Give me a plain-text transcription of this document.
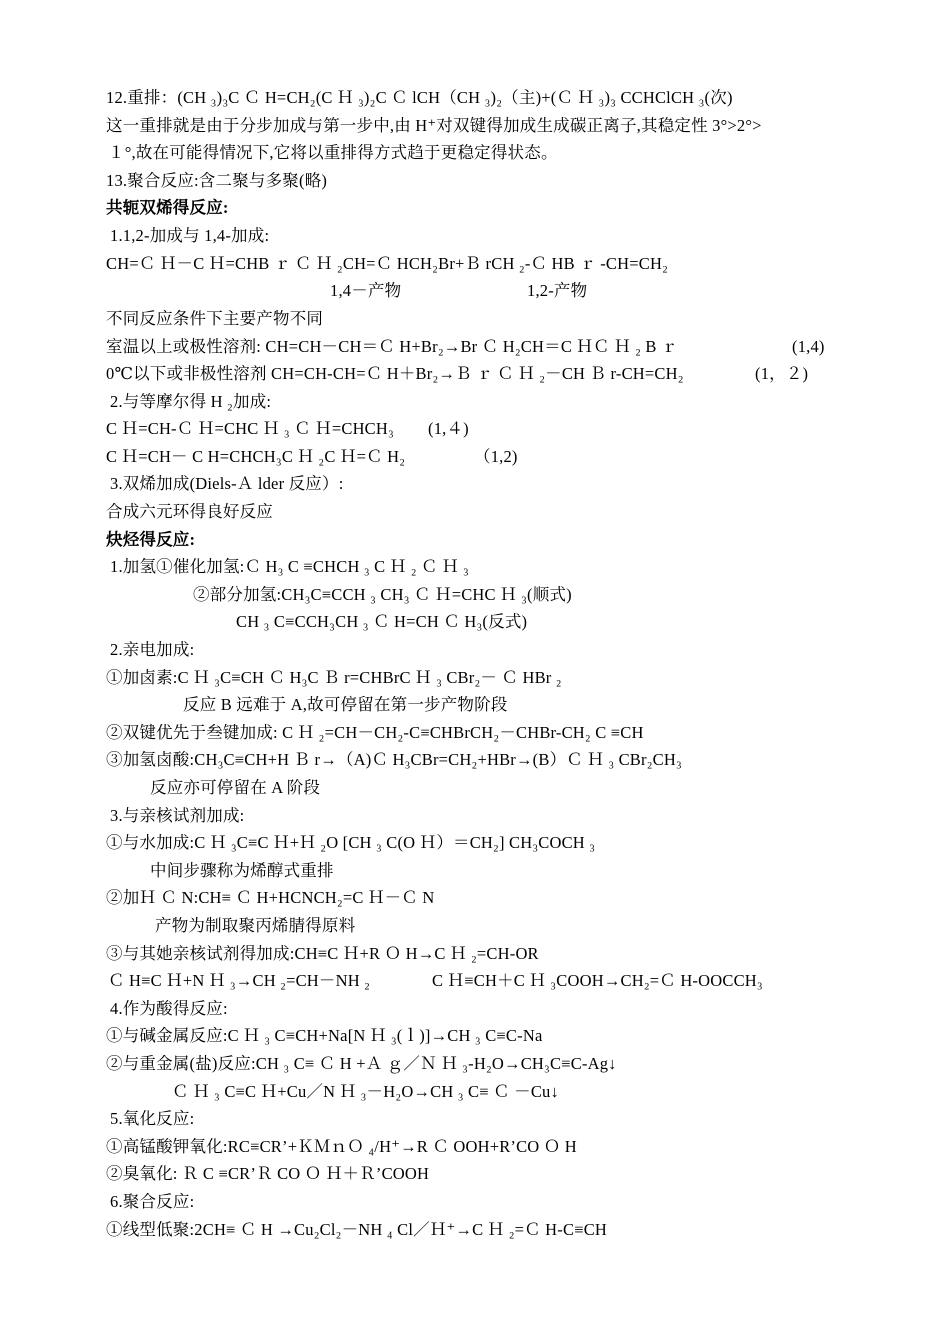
12.重排：(CH ₃)₃C Ｃ H=CH₂(C Ｈ ₃)₂C Ｃ lCH（CH ₃)₂（主)+(Ｃ Ｈ ₃)₃ CCHClCH ₃(次)
这一重排就是由于分步加成与第一步中,由 H⁺对双键得加成生成碳正离子,其稳定性 3°>2°>
１°,故在可能得情况下,它将以重排得方式趋于更稳定得状态。
13.聚合反应:含二聚与多聚(略)
共轭双烯得反应:
1.1,2-加成与 1,4-加成:
CH=Ｃ Ｈ－C Ｈ=CHB ｒ Ｃ Ｈ ₂CH=Ｃ HCH₂Br+Ｂ rCH ₂-Ｃ HB ｒ -CH=CH₂
1,4－产物	1,2-产物
不同反应条件下主要产物不同
室温以上或极性溶剂: CH=CH－CH＝Ｃ H+Br₂→Br Ｃ H₂CH＝C ＨＣ Ｈ ₂ B ｒ	(1,4)
0℃以下或非极性溶剂 CH=CH-CH=Ｃ H＋Br₂→Ｂ ｒ Ｃ Ｈ ₂－CH Ｂ r-CH=CH₂	(1，２)
2.与等摩尔得 H ₂加成:
C Ｈ=CH-Ｃ Ｈ=CHC Ｈ ₃ Ｃ Ｈ=CHCH₃ (1,４)
C Ｈ=CH－ C H=CHCH₃C Ｈ ₂C Ｈ=Ｃ H₂	（1,2)
3.双烯加成(Diels-Ａ lder 反应）:
合成六元环得良好反应
炔烃得反应:
1.加氢①催化加氢:Ｃ H₃ C ≡CHCH ₃ C Ｈ ₂ Ｃ Ｈ ₃
②部分加氢:CH₃C≡CCH ₃ CH₃ Ｃ Ｈ=CHC Ｈ ₃(顺式)
CH ₃ C≡CCH₃CH ₃ Ｃ H=CH Ｃ H₃(反式)
2.亲电加成:
①加卤素:C Ｈ ₃C≡CH Ｃ H₃C Ｂ r=CHBrC Ｈ ₃ CBr₂－ Ｃ HBr ₂
反应 B 远难于 A,故可停留在第一步产物阶段
②双键优先于叁键加成: C Ｈ ₂=CH－CH₂-C≡CHBrCH₂－CHBr-CH₂ C ≡CH
③加氢卤酸:CH₃C≡CH+H Ｂ r→（A)Ｃ H₃CBr=CH₂+HBr→(B）Ｃ Ｈ ₃ CBr₂CH₃
反应亦可停留在 A 阶段
3.与亲核试剂加成:
①与水加成:C Ｈ ₃C≡C Ｈ+Ｈ ₂O [CH ₃ C(O Ｈ）＝CH₂] CH₃COCH ₃
中间步骤称为烯醇式重排
②加Ｈ Ｃ N:CH≡ Ｃ H+HCNCH₂=C Ｈ－Ｃ N
产物为制取聚丙烯腈得原料
③与其她亲核试剂得加成:CH≡C Ｈ+R Ｏ H→C Ｈ ₂=CH-OR
Ｃ H≡C Ｈ+N Ｈ ₃→CH ₂=CH－NH ₂	C Ｈ≡CH＋C Ｈ ₃COOH→CH₂=Ｃ H-OOCCH₃
4.作为酸得反应:
①与碱金属反应:C Ｈ ₃ C≡CH+Na[N Ｈ ₃(ｌ)]→CH ₃ C≡C-Na
②与重金属(盐)反应:CH ₃ C≡ Ｃ H +Ａ ｇ／Ｎ Ｈ ₃-H₂O→CH₃C≡C-Ag↓
Ｃ Ｈ ₃ C≡C Ｈ+Cu／N Ｈ ₃－H₂O→CH ₃ C≡ Ｃ －Cu↓
5.氧化反应:
①高锰酸钾氧化:RC≡CR’+ＫＭｎＯ ₄/H⁺→R Ｃ OOH+R’CO Ｏ H
②臭氧化: Ｒ C ≡CR’Ｒ CO Ｏ Ｈ＋Ｒ’COOH
6.聚合反应:
①线型低聚:2CH≡ Ｃ H →Cu₂Cl₂－NH ₄ Cl／Ｈ⁺→C Ｈ ₂=Ｃ H-C≡CH
